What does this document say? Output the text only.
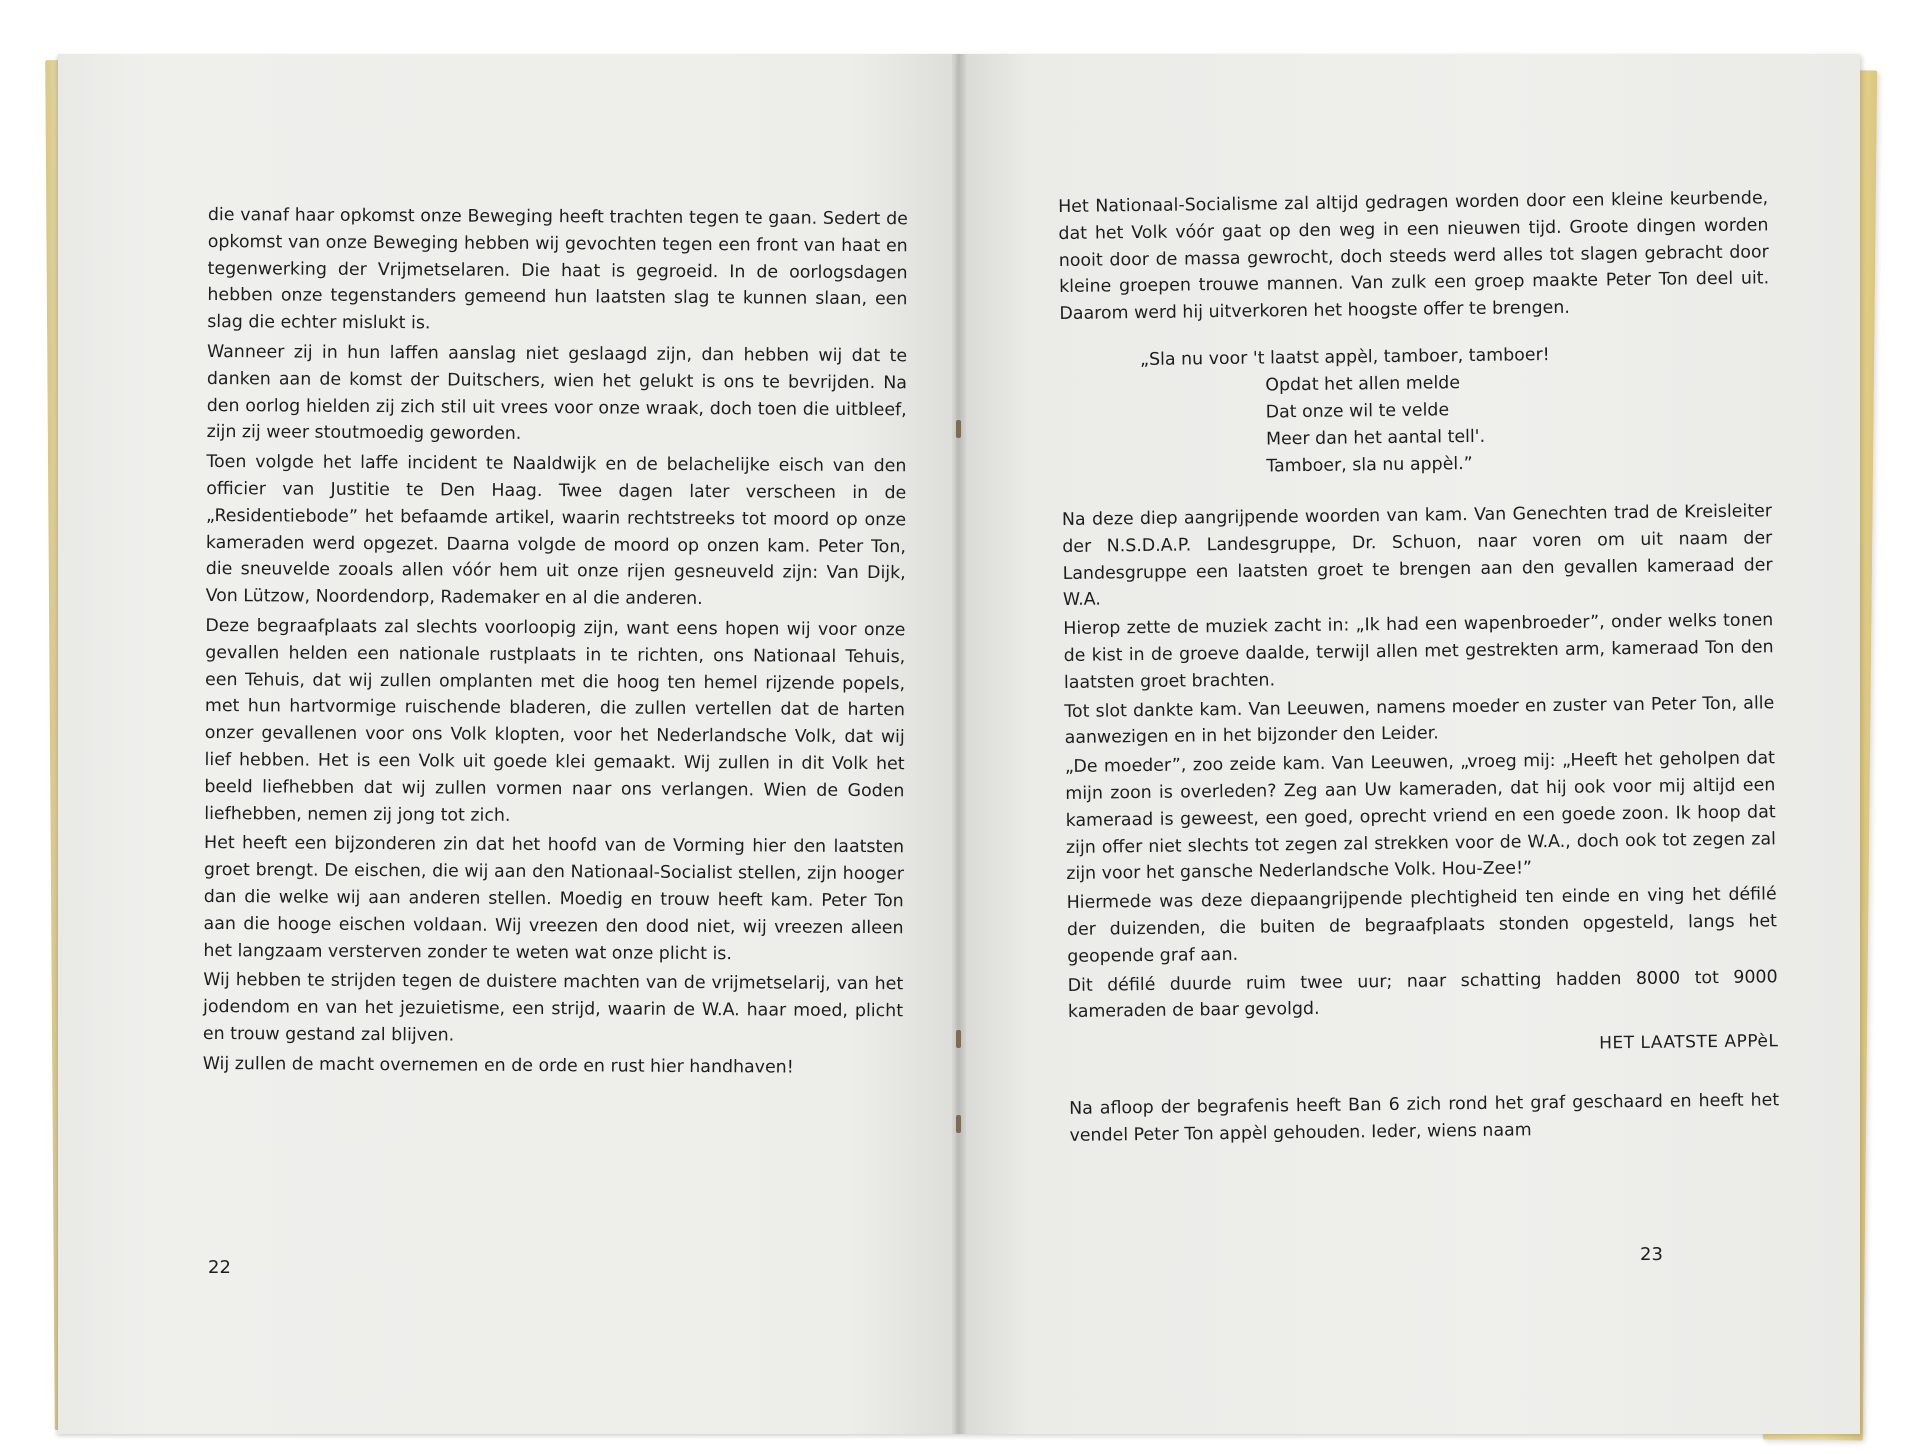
die vanaf haar opkomst onze Beweging heeft trachten tegen te gaan. Sedert de opkomst van onze Beweging hebben wij gevochten tegen een front van haat en tegenwerking der Vrijmetselaren. Die haat is gegroeid. In de oorlogsdagen hebben onze tegenstanders gemeend hun laatsten slag te kunnen slaan, een slag die echter mislukt is.

Wanneer zij in hun laffen aanslag niet geslaagd zijn, dan hebben wij dat te danken aan de komst der Duitschers, wien het gelukt is ons te bevrijden. Na den oorlog hielden zij zich stil uit vrees voor onze wraak, doch toen die uitbleef, zijn zij weer stoutmoedig geworden.

Toen volgde het laffe incident te Naaldwijk en de belachelijke eisch van den officier van Justitie te Den Haag. Twee dagen later verscheen in de „Residentiebode” het befaamde artikel, waarin rechtstreeks tot moord op onze kameraden werd opgezet. Daarna volgde de moord op onzen kam. Peter Ton, die sneuvelde zooals allen vóór hem uit onze rijen gesneuveld zijn: Van Dijk, Von Lützow, Noordendorp, Rademaker en al die anderen.

Deze begraafplaats zal slechts voorloopig zijn, want eens hopen wij voor onze gevallen helden een nationale rustplaats in te richten, ons Nationaal Tehuis, een Tehuis, dat wij zullen omplanten met die hoog ten hemel rijzende popels, met hun hartvormige ruischende bladeren, die zullen vertellen dat de harten onzer gevallenen voor ons Volk klopten, voor het Nederlandsche Volk, dat wij lief hebben. Het is een Volk uit goede klei gemaakt. Wij zullen in dit Volk het beeld liefhebben dat wij zullen vormen naar ons verlangen. Wien de Goden liefhebben, nemen zij jong tot zich.

Het heeft een bijzonderen zin dat het hoofd van de Vorming hier den laatsten groet brengt. De eischen, die wij aan den Nationaal-Socialist stellen, zijn hooger dan die welke wij aan anderen stellen. Moedig en trouw heeft kam. Peter Ton aan die hooge eischen voldaan. Wij vreezen den dood niet, wij vreezen alleen het langzaam versterven zonder te weten wat onze plicht is.

Wij hebben te strijden tegen de duistere machten van de vrijmetselarij, van het jodendom en van het jezuietisme, een strijd, waarin de W.A. haar moed, plicht en trouw gestand zal blijven.

Wij zullen de macht overnemen en de orde en rust hier handhaven!

22

Het Nationaal-Socialisme zal altijd gedragen worden door een kleine keurbende, dat het Volk vóór gaat op den weg in een nieuwen tijd. Groote dingen worden nooit door de massa gewrocht, doch steeds werd alles tot slagen gebracht door kleine groepen trouwe mannen. Van zulk een groep maakte Peter Ton deel uit. Daarom werd hij uitverkoren het hoogste offer te brengen.

„Sla nu voor 't laatst appèl, tamboer, tamboer!
Opdat het allen melde
Dat onze wil te velde
Meer dan het aantal tell'.
Tamboer, sla nu appèl.”

Na deze diep aangrijpende woorden van kam. Van Genechten trad de Kreisleiter der N.S.D.A.P. Landesgruppe, Dr. Schuon, naar voren om uit naam der Landesgruppe een laatsten groet te brengen aan den gevallen kameraad der W.A.

Hierop zette de muziek zacht in: „Ik had een wapenbroeder”, onder welks tonen de kist in de groeve daalde, terwijl allen met gestrekten arm, kameraad Ton den laatsten groet brachten.

Tot slot dankte kam. Van Leeuwen, namens moeder en zuster van Peter Ton, alle aanwezigen en in het bijzonder den Leider.

„De moeder”, zoo zeide kam. Van Leeuwen, „vroeg mij: „Heeft het geholpen dat mijn zoon is overleden? Zeg aan Uw kameraden, dat hij ook voor mij altijd een kameraad is geweest, een goed, oprecht vriend en een goede zoon. Ik hoop dat zijn offer niet slechts tot zegen zal strekken voor de W.A., doch ook tot zegen zal zijn voor het gansche Nederlandsche Volk. Hou-Zee!”

Hiermede was deze diepaangrijpende plechtigheid ten einde en ving het défilé der duizenden, die buiten de begraafplaats stonden opgesteld, langs het geopende graf aan.

Dit défilé duurde ruim twee uur; naar schatting hadden 8000 tot 9000 kameraden de baar gevolgd.

HET LAATSTE APPèL

Na afloop der begrafenis heeft Ban 6 zich rond het graf geschaard en heeft het vendel Peter Ton appèl gehouden. Ieder, wiens naam

23
